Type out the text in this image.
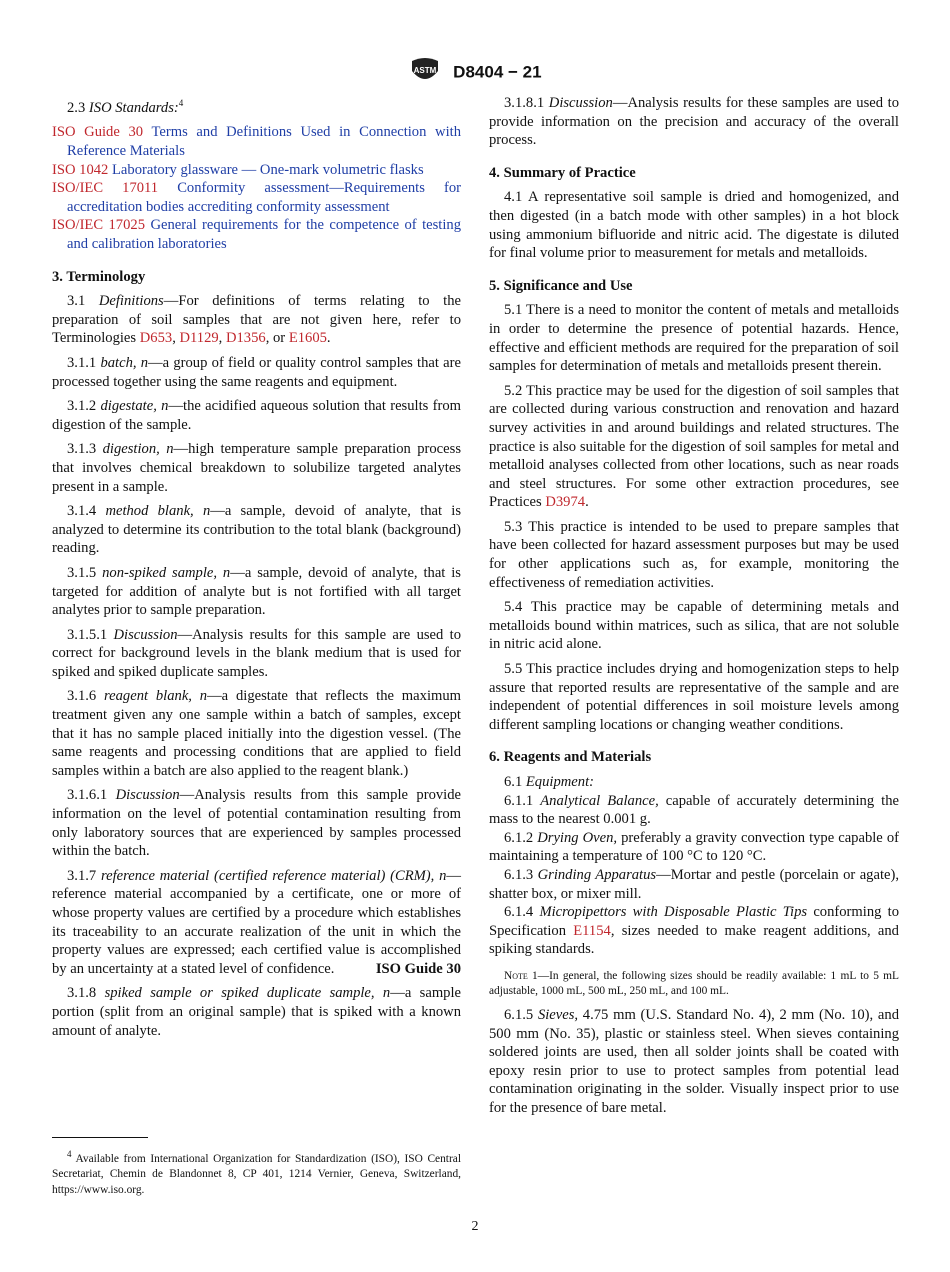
ASTM D8404 − 21

2.3 ISO Standards:$^4$

ISO Guide 30 Terms and Definitions Used in Connection with Reference Materials

ISO 1042 Laboratory glassware — One-mark volumetric flasks

ISO/IEC 17011 Conformity assessment—Requirements for accreditation bodies accrediting conformity assessment

ISO/IEC 17025 General requirements for the competence of testing and calibration laboratories

3. Terminology

3.1 Definitions—For definitions of terms relating to the preparation of soil samples that are not given here, refer to Terminologies D653, D1129, D1356, or E1605.

3.1.1 batch, n—a group of field or quality control samples that are processed together using the same reagents and equipment.

3.1.2 digestate, n—the acidified aqueous solution that results from digestion of the sample.

3.1.3 digestion, n—high temperature sample preparation process that involves chemical breakdown to solubilize targeted analytes present in a sample.

3.1.4 method blank, n—a sample, devoid of analyte, that is analyzed to determine its contribution to the total blank (background) reading.

3.1.5 non-spiked sample, n—a sample, devoid of analyte, that is targeted for addition of analyte but is not fortified with all target analytes prior to sample preparation.

3.1.5.1 Discussion—Analysis results for this sample are used to correct for background levels in the blank medium that is used for spiked and spiked duplicate samples.

3.1.6 reagent blank, n—a digestate that reflects the maximum treatment given any one sample within a batch of samples, except that it has no sample placed initially into the digestion vessel. (The same reagents and processing conditions that are applied to field samples within a batch are also applied to the reagent blank.)

3.1.6.1 Discussion—Analysis results from this sample provide information on the level of potential contamination resulting from only laboratory sources that are experienced by samples processed within the batch.

3.1.7 reference material (certified reference material) (CRM), n—reference material accompanied by a certificate, one or more of whose property values are certified by a procedure which establishes its traceability to an accurate realization of the unit in which the property values are expressed; each certified value is accomplished by an uncertainty at a stated level of confidence.	ISO Guide 30

3.1.8 spiked sample or spiked duplicate sample, n—a sample portion (split from an original sample) that is spiked with a known amount of analyte.

3.1.8.1 Discussion—Analysis results for these samples are used to provide information on the precision and accuracy of the overall process.

4. Summary of Practice

4.1 A representative soil sample is dried and homogenized, and then digested (in a batch mode with other samples) in a hot block using ammonium bifluoride and nitric acid. The digestate is diluted for final volume prior to measurement for metals and metalloids.

5. Significance and Use

5.1 There is a need to monitor the content of metals and metalloids in order to determine the presence of potential hazards. Hence, effective and efficient methods are required for the preparation of soil samples for determination of metals and metalloids present therein.

5.2 This practice may be used for the digestion of soil samples that are collected during various construction and renovation and hazard survey activities in and around buildings and related structures. The practice is also suitable for the digestion of soil samples for metal and metalloid analyses collected from other locations, such as near roads and steel structures. For some other extraction procedures, see Practices D3974.

5.3 This practice is intended to be used to prepare samples that have been collected for hazard assessment purposes but may be used for other applications such as, for example, monitoring the effectiveness of remediation activities.

5.4 This practice may be capable of determining metals and metalloids bound within matrices, such as silica, that are not soluble in nitric acid alone.

5.5 This practice includes drying and homogenization steps to help assure that reported results are representative of the sample and are independent of potential differences in soil moisture levels among different sampling locations or changing weather conditions.

6. Reagents and Materials

6.1 Equipment:

6.1.1 Analytical Balance, capable of accurately determining the mass to the nearest 0.001 g.

6.1.2 Drying Oven, preferably a gravity convection type capable of maintaining a temperature of 100 °C to 120 °C.

6.1.3 Grinding Apparatus—Mortar and pestle (porcelain or agate), shatter box, or mixer mill.

6.1.4 Micropipettors with Disposable Plastic Tips conforming to Specification E1154, sizes needed to make reagent additions, and spiking standards.

Note 1—In general, the following sizes should be readily available: 1 mL to 5 mL adjustable, 1000 mL, 500 mL, 250 mL, and 100 mL.

6.1.5 Sieves, 4.75 mm (U.S. Standard No. 4), 2 mm (No. 10), and 500 mm (No. 35), plastic or stainless steel. When sieves containing soldered joints are used, then all solder joints shall be coated with epoxy resin prior to use to protect samples from potential lead contamination originating in the solder. Visually inspect prior to use for the presence of bare metal.

$^4$ Available from International Organization for Standardization (ISO), ISO Central Secretariat, Chemin de Blandonnet 8, CP 401, 1214 Vernier, Geneva, Switzerland, https://www.iso.org.
2
